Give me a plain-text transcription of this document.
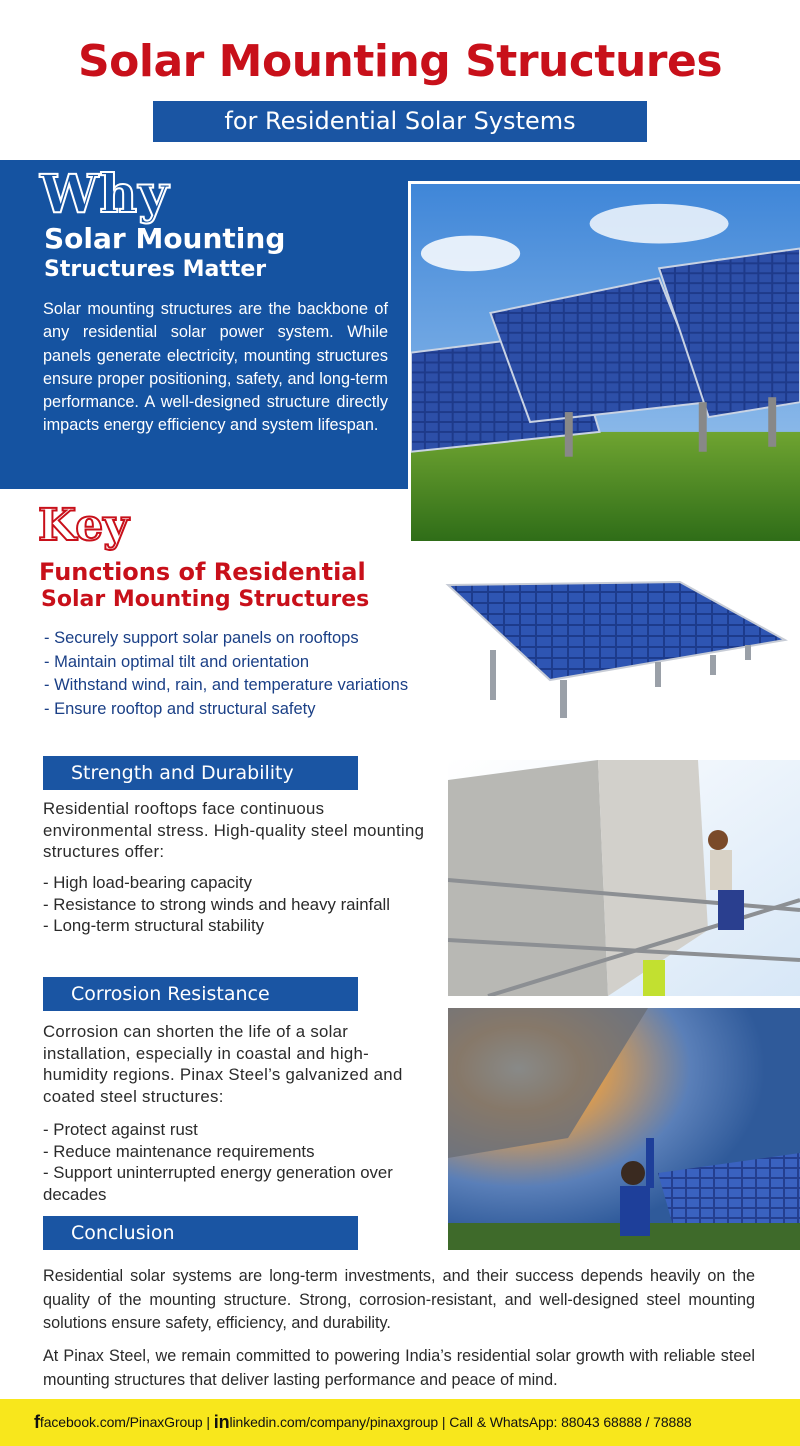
Solar Mounting Structures
for Residential Solar Systems
Why
Solar Mounting
Structures Matter

Solar mounting structures are the backbone of any residential solar power system. While panels generate electricity, mounting structures ensure proper positioning, safety, and long-term performance. A well-designed structure directly impacts energy efficiency and system lifespan.

Key
Functions of Residential
Solar Mounting Structures
- Securely support solar panels on rooftops
- Maintain optimal tilt and orientation
- Withstand wind, rain, and temperature variations
- Ensure rooftop and structural safety
Strength and Durability

Residential rooftops face continuous environmental stress. High-quality steel mounting structures offer:

- High load-bearing capacity
- Resistance to strong winds and heavy rainfall
- Long-term structural stability
Corrosion Resistance

Corrosion can shorten the life of a solar installation, especially in coastal and high-humidity regions. Pinax Steel’s galvanized and coated steel structures:

- Protect against rust
- Reduce maintenance requirements
- Support uninterrupted energy generation over decades
Conclusion

Residential solar systems are long-term investments, and their success depends heavily on the quality of the mounting structure. Strong, corrosion-resistant, and well-designed steel mounting solutions ensure safety, efficiency, and durability.

At Pinax Steel, we remain committed to powering India’s residential solar growth with reliable steel mounting structures that deliver lasting performance and peace of mind.

ffacebook.com/PinaxGroup | inlinkedin.com/company/pinaxgroup | Call & WhatsApp: 88043 68888 / 78888
